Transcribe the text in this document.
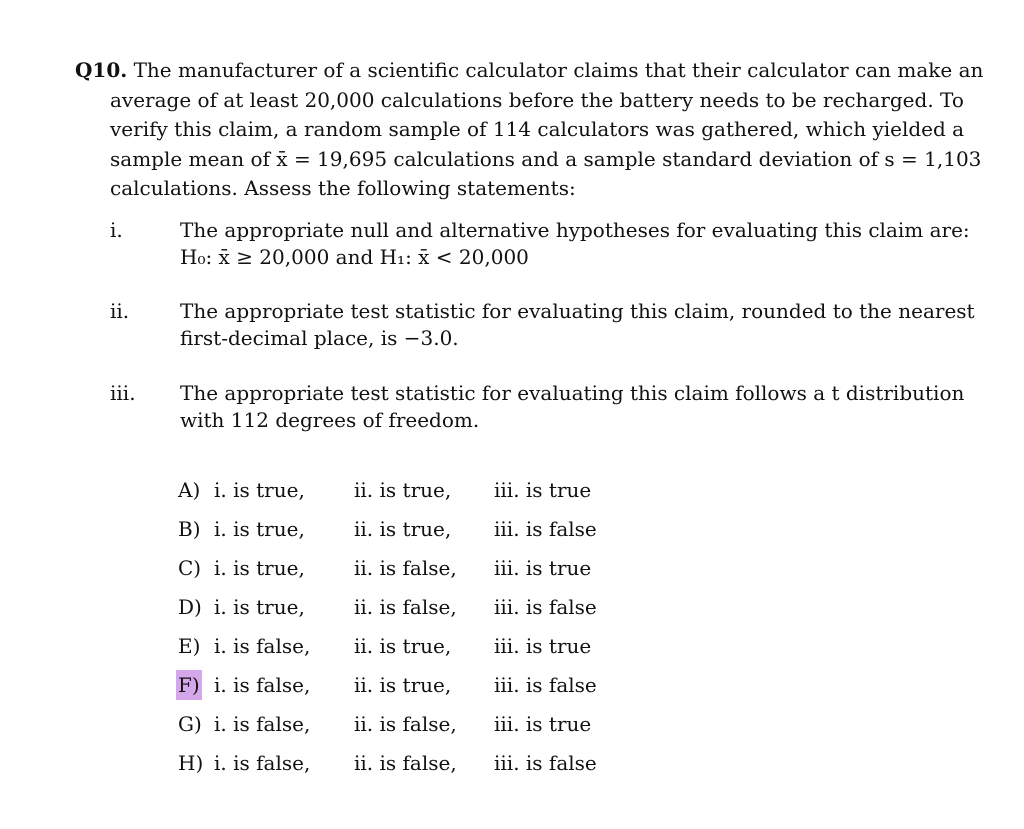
Q10. The manufacturer of a scientific calculator claims that their calculator can make an
average of at least 20,000 calculations before the battery needs to be recharged. To
verify this claim, a random sample of 114 calculators was gathered, which yielded a
sample mean of x̄ = 19,695 calculations and a sample standard deviation of s = 1,103
calculations. Assess the following statements:
i.	The appropriate null and alternative hypotheses for evaluating this claim are:
H₀: x̄ ≥ 20,000 and H₁: x̄ < 20,000
ii.	The appropriate test statistic for evaluating this claim, rounded to the nearest
first-decimal place, is −3.0.
iii. The appropriate test statistic for evaluating this claim follows a t distribution
with 112 degrees of freedom.
A) i. is true, ii. is true, iii. is true
B) i. is true, ii. is true, iii. is false
C) i. is true, ii. is false, iii. is true
D) i. is true, ii. is false, iii. is false
E) i. is false, ii. is true, iii. is true
F) i. is false, ii. is true, iii. is false
G) i. is false, ii. is false, iii. is true
H) i. is false, ii. is false, iii. is false
